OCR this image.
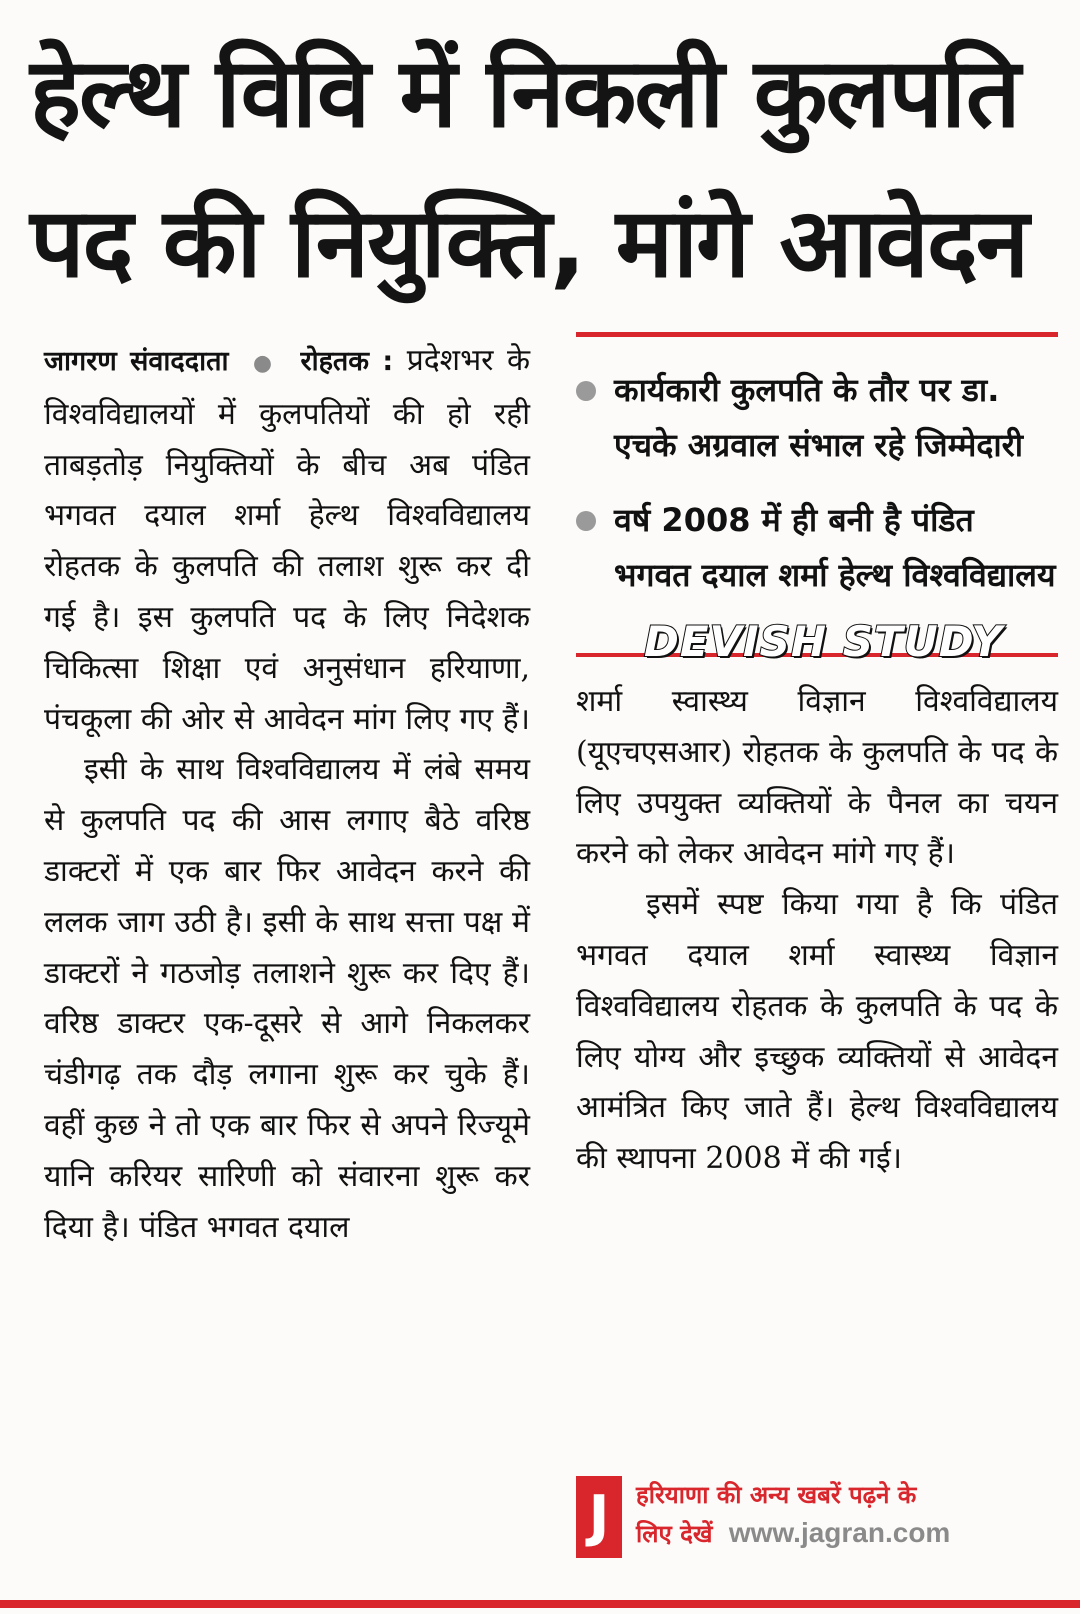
हेल्थ विवि में निकली कुलपति
पद की नियुक्ति, मांगे आवेदन

जागरण संवाददाता  ●  रोहतक : प्रदेशभर के विश्वविद्यालयों में कुलपतियों की हो रही ताबड़तोड़ नियुक्तियों के बीच अब पंडित भगवत दयाल शर्मा हेल्थ विश्वविद्यालय रोहतक के कुलपति की तलाश शुरू कर दी गई है। इस कुलपति पद के लिए निदेशक चिकित्सा शिक्षा एवं अनुसंधान हरियाणा, पंचकूला की ओर से आवेदन मांग लिए गए हैं।

इसी के साथ विश्वविद्यालय में लंबे समय से कुलपति पद की आस लगाए बैठे वरिष्ठ डाक्टरों में एक बार फिर आवेदन करने की ललक जाग उठी है। इसी के साथ सत्ता पक्ष में डाक्टरों ने गठजोड़ तलाशने शुरू कर दिए हैं। वरिष्ठ डाक्टर एक-दूसरे से आगे निकलकर चंडीगढ़ तक दौड़ लगाना शुरू कर चुके हैं। वहीं कुछ ने तो एक बार फिर से अपने रिज्यूमे यानि करियर सारिणी को संवारना शुरू कर दिया है। पंडित भगवत दयाल

कार्यकारी कुलपति के तौर पर डा. एचके अग्रवाल संभाल रहे जिम्मेदारी
वर्ष 2008 में ही बनी है पंडित भगवत दयाल शर्मा हेल्थ विश्वविद्यालय
DEVISH STUDY

शर्मा स्वास्थ्य विज्ञान विश्वविद्यालय (यूएचएसआर) रोहतक के कुलपति के पद के लिए उपयुक्त व्यक्तियों के पैनल का चयन करने को लेकर आवेदन मांगे गए हैं।

इसमें स्पष्ट किया गया है कि पंडित भगवत दयाल शर्मा स्वास्थ्य विज्ञान विश्वविद्यालय रोहतक के कुलपति के पद के लिए योग्य और इच्छुक व्यक्तियों से आवेदन आमंत्रित किए जाते हैं। हेल्थ विश्वविद्यालय की स्थापना 2008 में की गई।

J	हरियाणा की अन्य खबरें पढ़ने के
लिए देखें www.jagran.com
